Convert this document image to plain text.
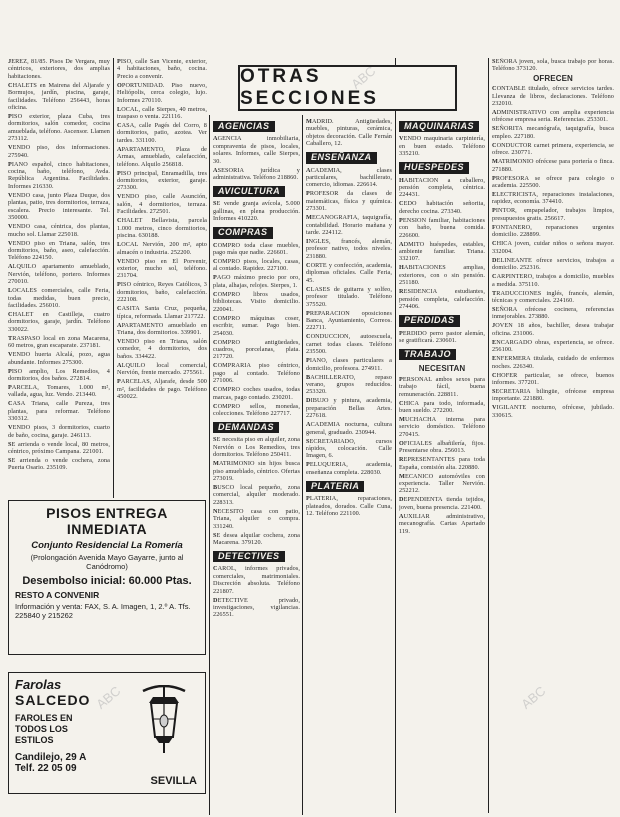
OTRAS SECCIONES

JEREZ, 81/85. Pisos De Vergara, muy céntricos, exteriores, dos amplias habitaciones.

CHALETS en Mairena del Aljarafe y Bormujos, jardín, piscina, garaje, facilidades. Teléfono 256443, horas oficina.

PISO exterior, plaza Cuba, tres dormitorios, salón comedor, cocina amueblada, teléfono. Ascensor. Llamen 273112.

VENDO piso, dos informaciones. 275940.

PIANO español, cinco habitaciones, cocina, baño, teléfono, Avda. República Argentina. Facilidades. Informes 216330.

VENDO casa, junto Plaza Duque, dos plantas, patio, tres dormitorios, terraza, escalera. Precio interesante. Tel. 350000.

VENDO casa, céntrica, dos plantas, mucho sol. Llamar 225018.

VENDO piso en Triana, salón, tres dormitorios, baño, aseo, calefacción. Teléfono 224150.

ALQUILO apartamento amueblado, Nervión, teléfono, portero. Informes 270010.

LOCALES comerciales, calle Feria, todas medidas, buen precio, facilidades. 256010.

CHALET en Castilleja, cuatro dormitorios, garaje, jardín. Teléfono 330022.

TRASPASO local en zona Macarena, 60 metros, gran escaparate. 237181.

VENDO huerta Alcalá, pozo, agua abundante. Informes 275300.

PISO amplio, Los Remedios, 4 dormitorios, dos baños. 272814.

PARCELA, Tomares, 1.000 m², vallada, agua, luz. Vendo. 213440.

CASA Triana, calle Pureza, tres plantas, para reformar. Teléfono 330312.

VENDO pisos, 3 dormitorios, cuarto de baño, cocina, garaje. 246113.

SE arrienda o vende local, 80 metros, céntrico, próximo Campana. 221001.

SE arrienda o vende cochera, zona Puerta Osario. 235109.

PISO, calle San Vicente, exterior, 4 habitaciones, baño, cocina. Precio a convenir.

OPORTUNIDAD. Piso nuevo, Heliópolis, cerca colegio, lujo. Informes 270110.

LOCAL, calle Sierpes, 40 metros, traspaso o venta. 221116.

CASA, calle Pagés del Corro, 8 dormitorios, patio, azotea. Ver tardes. 331100.

APARTAMENTO, Plaza de Armas, amueblado, calefacción, teléfono. Alquilo 256818.

PISO principal, Enramadilla, tres dormitorios, exterior, garaje. 273300.

VENDO piso, calle Asunción, salón, 4 dormitorios, terraza. Facilidades. 272501.

CHALET Bellavista, parcela 1.000 metros, cinco dormitorios, piscina. 630188.

LOCAL Nervión, 200 m², apto almacén o industria. 252200.

VENDO piso en El Porvenir, exterior, mucho sol, teléfono. 231704.

PISO céntrico, Reyes Católicos, 3 dormitorios, baño, calefacción. 222108.

CASITA Santa Cruz, pequeña, típica, reformada. Llamar 217722.

APARTAMENTO amueblado en Triana, dos dormitorios. 339901.

VENDO piso en Triana, salón comedor, 4 dormitorios, dos baños. 334422.

ALQUILO local comercial, Nervión, frente mercado. 275561.

PARCELAS, Aljarafe, desde 500 m², facilidades de pago. Teléfono 450022.

AGENCIAS

AGENCIA inmobiliaria, compraventa de pisos, locales, solares. Informes, calle Sierpes, 30.

ASESORIA jurídica y administrativa. Teléfono 218860.

AVICULTURA

SE vende granja avícola, 5.000 gallinas, en plena producción. Informes 410220.

COMPRAS

COMPRO toda clase muebles, pago más que nadie. 226601.

COMPRO pisos, locales, casas, al contado. Rapidez. 227100.

PAGO máximo precio por oro, plata, alhajas, relojes. Sierpes, 1.

COMPRO libros usados, bibliotecas. Visito domicilio. 220041.

COMPRO máquinas coser, escribir, sumar. Pago bien. 254030.

COMPRO antigüedades, cuadros, porcelanas, plata. 217720.

COMPRARIA piso céntrico, pago al contado. Teléfono 271006.

COMPRO coches usados, todas marcas, pago contado. 230201.

COMPRO sellos, monedas, colecciones. Teléfono 227717.

DEMANDAS

SE necesita piso en alquiler, zona Nervión o Los Remedios, tres dormitorios. Teléfono 250411.

MATRIMONIO sin hijos busca piso amueblado, céntrico. Ofertas 273019.

BUSCO local pequeño, zona comercial, alquiler moderado. 228313.

NECESITO casa con patio, Triana, alquiler o compra. 331240.

SE desea alquilar cochera, zona Macarena. 379120.

DETECTIVES

CAROL, informes privados, comerciales, matrimoniales. Discreción absoluta. Teléfono 221807.

DETECTIVE privado, investigaciones, vigilancias. 226551.

MADRID. Antigüedades, muebles, pinturas, cerámica, objetos decoración. Calle Fernán Caballero, 12.

ENSEÑANZA

ACADEMIA, clases particulares, bachillerato, comercio, idiomas. 226614.

PROFESOR da clases de matemáticas, física y química. 273301.

MECANOGRAFIA, taquigrafía, contabilidad. Horario mañana y tarde. 224112.

INGLES, francés, alemán, profesor nativo, todos niveles. 231880.

CORTE y confección, academia, diplomas oficiales. Calle Feria, 45.

CLASES de guitarra y solfeo, profesor titulado. Teléfono 375520.

PREPARACION oposiciones Banca, Ayuntamiento, Correos. 222711.

CONDUCCION, autoescuela, carnet todas clases. Teléfono 235500.

PIANO, clases particulares a domicilio, profesora. 274911.

BACHILLERATO, repaso verano, grupos reducidos. 253320.

DIBUJO y pintura, academia, preparación Bellas Artes. 227618.

ACADEMIA nocturna, cultura general, graduado. 230944.

SECRETARIADO, cursos rápidos, colocación. Calle Imagen, 6.

PELUQUERIA, academia, enseñanza completa. 228030.

PLATERIA

PLATERIA, reparaciones, plateados, dorados. Calle Cuna, 12. Teléfono 221100.

MAQUINARIAS

VENDO maquinaria carpintería, en buen estado. Teléfono 335210.

HUESPEDES

HABITACION a caballero, pensión completa, céntrica. 224431.

CEDO habitación señorita, derecho cocina. 273340.

PENSION familiar, habitaciones con baño, buena comida. 226600.

ADMITO huéspedes, estables, ambiente familiar. Triana. 332107.

HABITACIONES amplias, exteriores, con o sin pensión. 251180.

RESIDENCIA estudiantes, pensión completa, calefacción. 274406.

PERDIDAS

PERDIDO perro pastor alemán, se gratificará. 230601.

TRABAJO
NECESITAN

PERSONAL ambos sexos para trabajo fácil, buena remuneración. 228811.

CHICA para todo, informada, buen sueldo. 272200.

MUCHACHA interna para servicio doméstico. Teléfono 270415.

OFICIALES albañilería, fijos. Presentarse obra. 256013.

REPRESENTANTES para toda España, comisión alta. 220880.

MECANICO automóviles con experiencia. Taller Nervión. 252212.

DEPENDIENTA tienda tejidos, joven, buena presencia. 221400.

AUXILIAR administrativo, mecanografía. Cartas Apartado 119.

SEÑORA joven, sola, busca trabajo por horas. Teléfono 373120.

OFRECEN

CONTABLE titulado, ofrece servicios tardes. Llevanza de libros, declaraciones. Teléfono 232010.

ADMINISTRATIVO con amplia experiencia ofrécese empresa seria. Referencias. 253301.

SEÑORITA mecanógrafa, taquigrafía, busca empleo. 227180.

CONDUCTOR carnet primera, experiencia, se ofrece. 230771.

MATRIMONIO ofrécese para portería o finca. 271880.

PROFESORA se ofrece para colegio o academia. 225500.

ELECTRICISTA, reparaciones instalaciones, rapidez, economía. 374410.

PINTOR, empapelador, trabajos limpios, presupuestos gratis. 256617.

FONTANERO, reparaciones urgentes domicilio. 228899.

CHICA joven, cuidar niños o señora mayor. 332004.

DELINEANTE ofrece servicios, trabajos a domicilio. 252316.

CARPINTERO, trabajos a domicilio, muebles a medida. 375110.

TRADUCCIONES inglés, francés, alemán, técnicas y comerciales. 224160.

SEÑORA ofrécese cocinera, referencias inmejorables. 273880.

JOVEN 18 años, bachiller, desea trabajar oficina. 231006.

ENCARGADO obras, experiencia, se ofrece. 256100.

ENFERMERA titulada, cuidado de enfermos noches. 226340.

CHOFER particular, se ofrece, buenos informes. 377201.

SECRETARIA bilingüe, ofrécese empresa importante. 221880.

VIGILANTE nocturno, ofrécese, jubilado. 330615.

PISOS ENTREGA INMEDIATA
Conjunto Residencial La Romería
(Prolongación Avenida Mayo Gayarre, junto al Canódromo)
Desembolso inicial: 60.000 Ptas.
RESTO A CONVENIR
Información y venta: FAX, S. A. Imagen, 1, 2.º A. Tfs. 225840 y 215262
Farolas
SALCEDO
FAROLES EN
TODOS LOS
ESTILOS
Candilejo, 29 A
Telf. 22 05 09
SEVILLA
ABC	ABC
ABC
